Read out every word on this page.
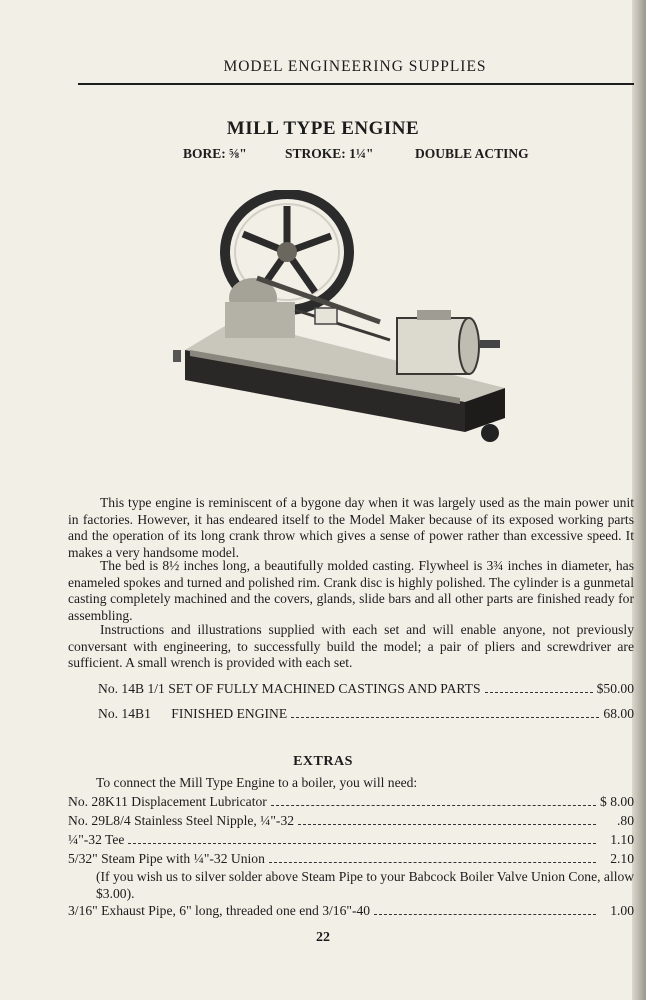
MODEL ENGINEERING SUPPLIES
MILL TYPE ENGINE
BORE: ⅝"	STROKE: 1¼"	DOUBLE ACTING

This type engine is reminiscent of a bygone day when it was largely used as the main power unit in factories. However, it has endeared itself to the Model Maker because of its exposed working parts and the operation of its long crank throw which gives a sense of power rather than excessive speed. It makes a very handsome model.

The bed is 8½ inches long, a beautifully molded casting. Flywheel is 3¾ inches in diameter, has enameled spokes and turned and polished rim. Crank disc is highly polished. The cylinder is a gunmetal casting completely machined and the covers, glands, slide bars and all other parts are finished ready for assembling.

Instructions and illustrations supplied with each set and will enable anyone, not previously conversant with engineering, to successfully build the model; a pair of pliers and screwdriver are sufficient. A small wrench is provided with each set.

No. 14B 1/1 SET OF FULLY MACHINED CASTINGS AND PARTS	$50.00
No. 14B1      FINISHED ENGINE	68.00
EXTRAS
To connect the Mill Type Engine to a boiler, you will need:
No. 28K11 Displacement Lubricator	$ 8.00
No. 29L8/4 Stainless Steel Nipple, ¼"-32	.80
¼"-32 Tee	1.10
5/32" Steam Pipe with ¼"-32 Union	2.10
(If you wish us to silver solder above Steam Pipe to your Babcock Boiler Valve Union Cone, allow $3.00).
3/16" Exhaust Pipe, 6" long, threaded one end 3/16"-40	1.00
22
